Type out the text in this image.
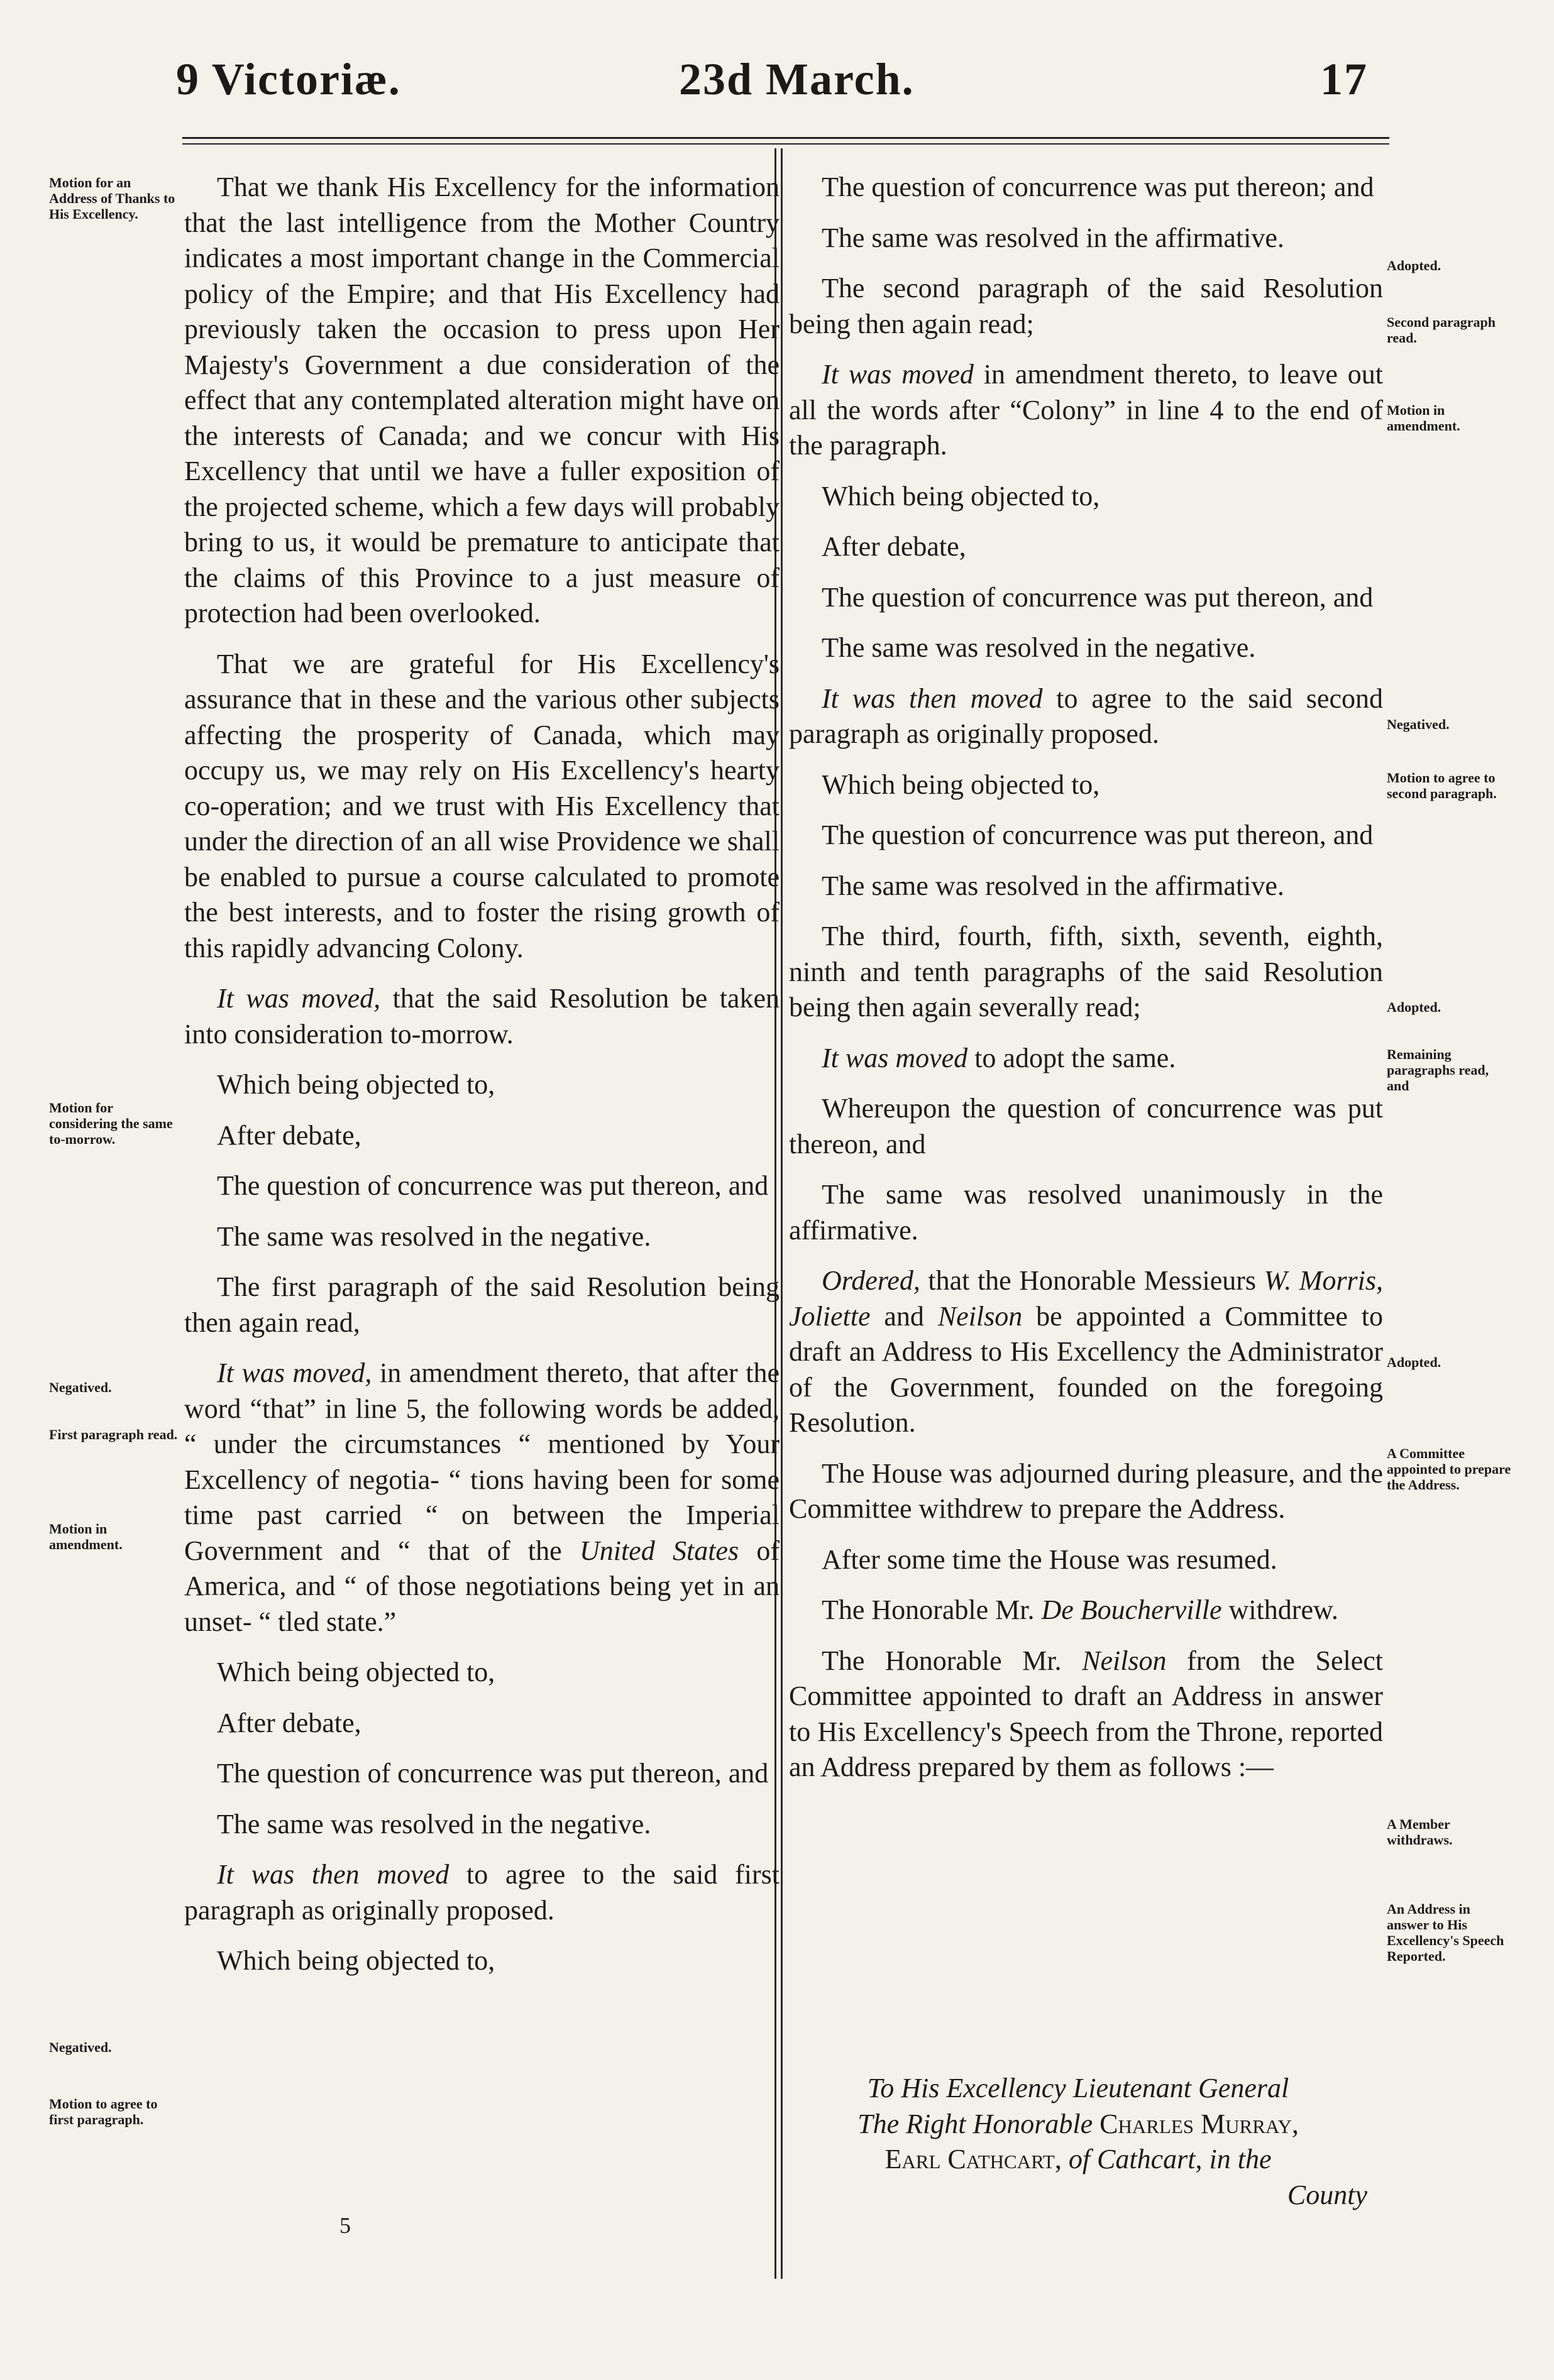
9 Victoriæ.	23d March.	17
Motion for an Address of Thanks to His Excellency.
Motion for considering the same to-morrow.
Negatived.
First paragraph read.
Motion in amendment.
Negatived.
Motion to agree to first paragraph.
Adopted.
Second paragraph read.
Motion in amendment.
Negatived.
Motion to agree to second paragraph.
Adopted.
Remaining paragraphs read, and
Adopted.
A Committee appointed to prepare the Address.
A Member withdraws.
An Address in answer to His Excellency's Speech Reported.

That we thank His Excellency for the information that the last intelligence from the Mother Country indicates a most important change in the Commercial policy of the Empire; and that His Excellency had previously taken the occasion to press upon Her Majesty's Government a due consideration of the effect that any contemplated alteration might have on the interests of Canada; and we concur with His Excellency that until we have a fuller exposition of the projected scheme, which a few days will probably bring to us, it would be premature to anticipate that the claims of this Province to a just measure of protection had been overlooked.

That we are grateful for His Excellency's assurance that in these and the various other subjects affecting the prosperity of Canada, which may occupy us, we may rely on His Excellency's hearty co-operation; and we trust with His Excellency that under the direction of an all wise Providence we shall be enabled to pursue a course calculated to promote the best interests, and to foster the rising growth of this rapidly advancing Colony.

It was moved, that the said Resolution be taken into consideration to-morrow.

Which being objected to,

After debate,

The question of concurrence was put thereon, and

The same was resolved in the negative.

The first paragraph of the said Resolution being then again read,

It was moved, in amendment thereto, that after the word “that” in line 5, the following words be added, “ under the circumstances “ mentioned by Your Excellency of negotia- “ tions having been for some time past carried “ on between the Imperial Government and “ that of the United States of America, and “ of those negotiations being yet in an unset- “ tled state.”

Which being objected to,

After debate,

The question of concurrence was put thereon, and

The same was resolved in the negative.

It was then moved to agree to the said first paragraph as originally proposed.

Which being objected to,

5

The question of concurrence was put thereon; and

The same was resolved in the affirmative.

The second paragraph of the said Resolution being then again read;

It was moved in amendment thereto, to leave out all the words after “Colony” in line 4 to the end of the paragraph.

Which being objected to,

After debate,

The question of concurrence was put thereon, and

The same was resolved in the negative.

It was then moved to agree to the said second paragraph as originally proposed.

Which being objected to,

The question of concurrence was put thereon, and

The same was resolved in the affirmative.

The third, fourth, fifth, sixth, seventh, eighth, ninth and tenth paragraphs of the said Resolution being then again severally read;

It was moved to adopt the same.

Whereupon the question of concurrence was put thereon, and

The same was resolved unanimously in the affirmative.

Ordered, that the Honorable Messieurs W. Morris, Joliette and Neilson be appointed a Committee to draft an Address to His Excellency the Administrator of the Government, founded on the foregoing Resolution.

The House was adjourned during pleasure, and the Committee withdrew to prepare the Address.

After some time the House was resumed.

The Honorable Mr. De Boucherville withdrew.

The Honorable Mr. Neilson from the Select Committee appointed to draft an Address in answer to His Excellency's Speech from the Throne, reported an Address prepared by them as follows :—

To His Excellency Lieutenant General
The Right Honorable Charles Murray,
Earl Cathcart, of Cathcart, in the
County
